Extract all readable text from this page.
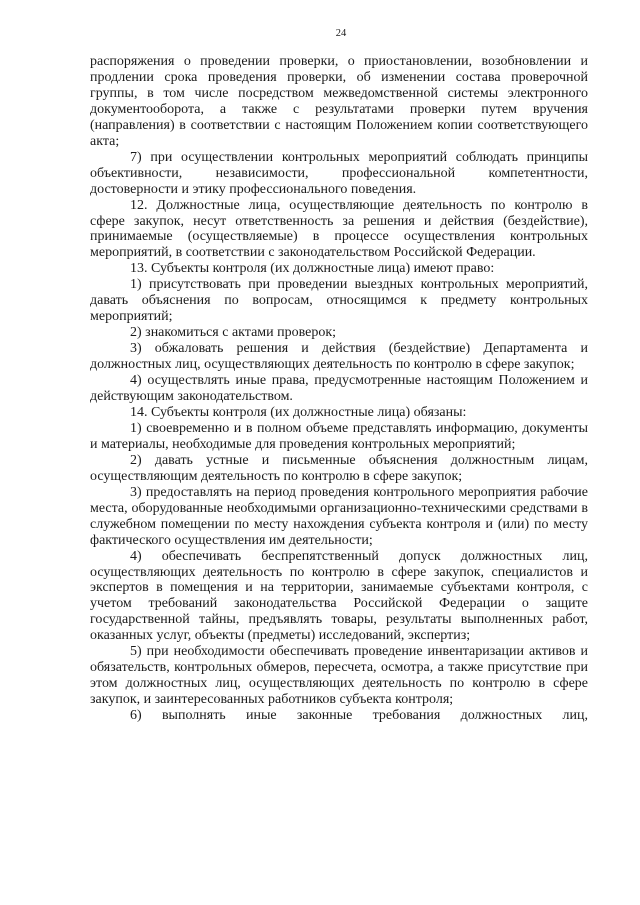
24

распоряжения о проведении проверки, о приостановлении, возобновлении и продлении срока проведения проверки, об изменении состава проверочной группы, в том числе посредством межведомственной системы электронного документооборота, а также с результатами проверки путем вручения (направления) в соответствии с настоящим Положением копии соответствующего акта;

7) при осуществлении контрольных мероприятий соблюдать принципы объективности, независимости, профессиональной компетентности, достоверности и этику профессионального поведения.

12. Должностные лица, осуществляющие деятельность по контролю в сфере закупок, несут ответственность за решения и действия (бездействие), принимаемые (осуществляемые) в процессе осуществления контрольных мероприятий, в соответствии с законодательством Российской Федерации.

13. Субъекты контроля (их должностные лица) имеют право:

1) присутствовать при проведении выездных контрольных мероприятий, давать объяснения по вопросам, относящимся к предмету контрольных мероприятий;

2) знакомиться с актами проверок;

3) обжаловать решения и действия (бездействие) Департамента и должностных лиц, осуществляющих деятельность по контролю в сфере закупок;

4) осуществлять иные права, предусмотренные настоящим Положением и действующим законодательством.

14. Субъекты контроля (их должностные лица) обязаны:

1) своевременно и в полном объеме представлять информацию, документы и материалы, необходимые для проведения контрольных мероприятий;

2) давать устные и письменные объяснения должностным лицам, осуществляющим деятельность по контролю в сфере закупок;

3) предоставлять на период проведения контрольного мероприятия рабочие места, оборудованные необходимыми организационно-техническими средствами в служебном помещении по месту нахождения субъекта контроля и (или) по месту фактического осуществления им деятельности;

4) обеспечивать беспрепятственный допуск должностных лиц, осуществляющих деятельность по контролю в сфере закупок, специалистов и экспертов в помещения и на территории, занимаемые субъектами контроля, с учетом требований законодательства Российской Федерации о защите государственной тайны, предъявлять товары, результаты выполненных работ, оказанных услуг, объекты (предметы) исследований, экспертиз;

5) при необходимости обеспечивать проведение инвентаризации активов и обязательств, контрольных обмеров, пересчета, осмотра, а также присутствие при этом должностных лиц, осуществляющих деятельность по контролю в сфере закупок, и заинтересованных работников субъекта контроля;

6) выполнять иные законные требования должностных лиц,
